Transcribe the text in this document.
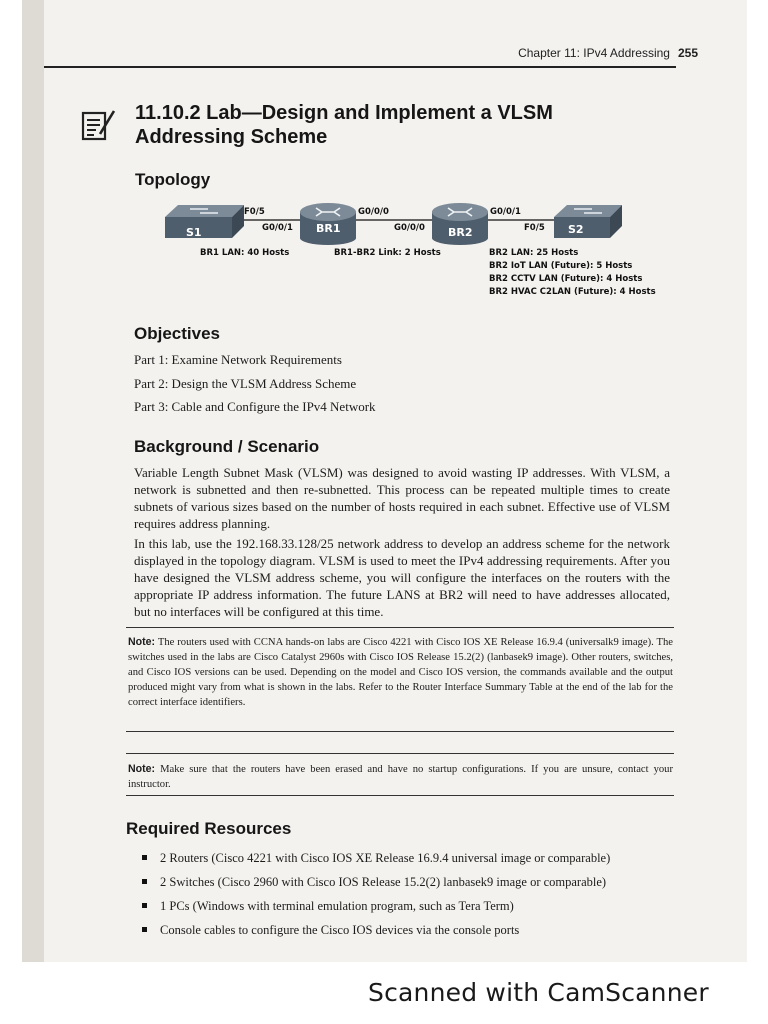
Chapter 11: IPv4 Addressing 255
11.10.2 Lab—Design and Implement a VLSM
Addressing Scheme
Topology
S1	BR1	BR2	S2
F0/5
G0/0/1
G0/0/0
G0/0/0
G0/0/1
F0/5
BR1 LAN: 40 Hosts	BR1-BR2 Link: 2 Hosts	BR2 LAN: 25 Hosts
BR2 IoT LAN (Future): 5 Hosts
BR2 CCTV LAN (Future): 4 Hosts
BR2 HVAC C2LAN (Future): 4 Hosts
Objectives
Part 1: Examine Network Requirements
Part 2: Design the VLSM Address Scheme
Part 3: Cable and Configure the IPv4 Network
Background / Scenario

Variable Length Subnet Mask (VLSM) was designed to avoid wasting IP addresses. With VLSM, a network is subnetted and then re-subnetted. This process can be repeated multiple times to create subnets of various sizes based on the number of hosts required in each subnet. Effective use of VLSM requires address planning.

In this lab, use the 192.168.33.128/25 network address to develop an address scheme for the network displayed in the topology diagram. VLSM is used to meet the IPv4 addressing requirements. After you have designed the VLSM address scheme, you will configure the interfaces on the routers with the appropriate IP address information. The future LANS at BR2 will need to have addresses allocated, but no interfaces will be configured at this time.

Note: The routers used with CCNA hands-on labs are Cisco 4221 with Cisco IOS XE Release 16.9.4 (universalk9 image). The switches used in the labs are Cisco Catalyst 2960s with Cisco IOS Release 15.2(2) (lanbasek9 image). Other routers, switches, and Cisco IOS versions can be used. Depending on the model and Cisco IOS version, the commands available and the output produced might vary from what is shown in the labs. Refer to the Router Interface Summary Table at the end of the lab for the correct interface identifiers.

Note: Make sure that the routers have been erased and have no startup configurations. If you are unsure, contact your instructor.

Required Resources
2 Routers (Cisco 4221 with Cisco IOS XE Release 16.9.4 universal image or comparable)
2 Switches (Cisco 2960 with Cisco IOS Release 15.2(2) lanbasek9 image or comparable)
1 PCs (Windows with terminal emulation program, such as Tera Term)
Console cables to configure the Cisco IOS devices via the console ports
Scanned with CamScanner
